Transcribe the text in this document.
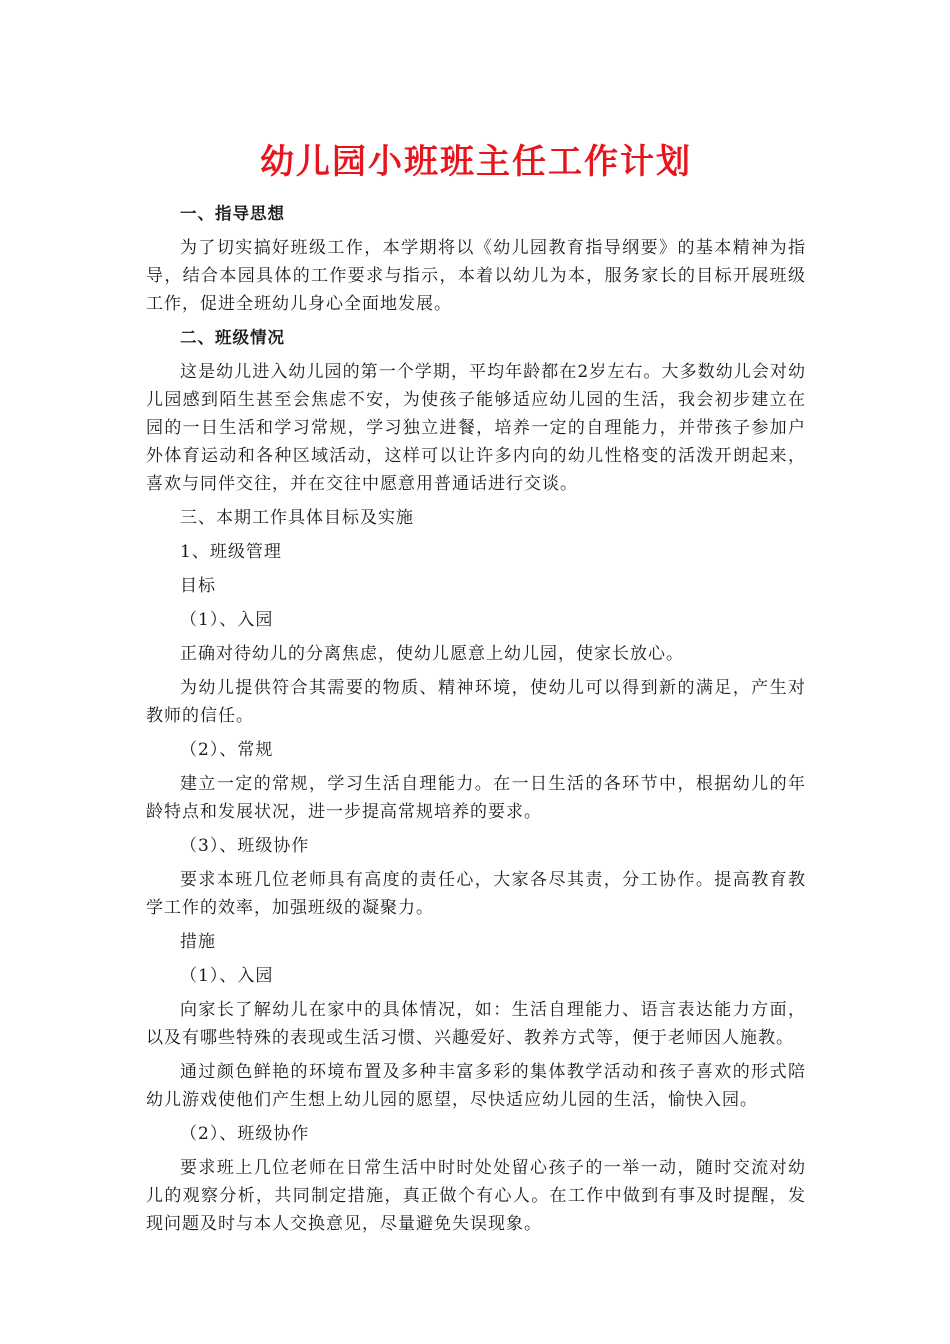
幼儿园小班班主任工作计划
一、指导思想
为了切实搞好班级工作，本学期将以《幼儿园教育指导纲要》的基本精神为指导，结合本园具体的工作要求与指示，本着以幼儿为本，服务家长的目标开展班级工作，促进全班幼儿身心全面地发展。
二、班级情况
这是幼儿进入幼儿园的第一个学期，平均年龄都在2岁左右。大多数幼儿会对幼儿园感到陌生甚至会焦虑不安，为使孩子能够适应幼儿园的生活，我会初步建立在园的一日生活和学习常规，学习独立进餐，培养一定的自理能力，并带孩子参加户外体育运动和各种区域活动，这样可以让许多内向的幼儿性格变的活泼开朗起来，喜欢与同伴交往，并在交往中愿意用普通话进行交谈。
三、本期工作具体目标及实施
1、班级管理
目标
（1）、入园
正确对待幼儿的分离焦虑，使幼儿愿意上幼儿园，使家长放心。
为幼儿提供符合其需要的物质、精神环境，使幼儿可以得到新的满足，产生对教师的信任。
（2）、常规
建立一定的常规，学习生活自理能力。在一日生活的各环节中，根据幼儿的年龄特点和发展状况，进一步提高常规培养的要求。
（3）、班级协作
要求本班几位老师具有高度的责任心，大家各尽其责，分工协作。提高教育教学工作的效率，加强班级的凝聚力。
措施
（1）、入园
向家长了解幼儿在家中的具体情况，如：生活自理能力、语言表达能力方面，以及有哪些特殊的表现或生活习惯、兴趣爱好、教养方式等，便于老师因人施教。
通过颜色鲜艳的环境布置及多种丰富多彩的集体教学活动和孩子喜欢的形式陪幼儿游戏使他们产生想上幼儿园的愿望，尽快适应幼儿园的生活，愉快入园。
（2）、班级协作
要求班上几位老师在日常生活中时时处处留心孩子的一举一动，随时交流对幼儿的观察分析，共同制定措施，真正做个有心人。在工作中做到有事及时提醒，发现问题及时与本人交换意见，尽量避免失误现象。
